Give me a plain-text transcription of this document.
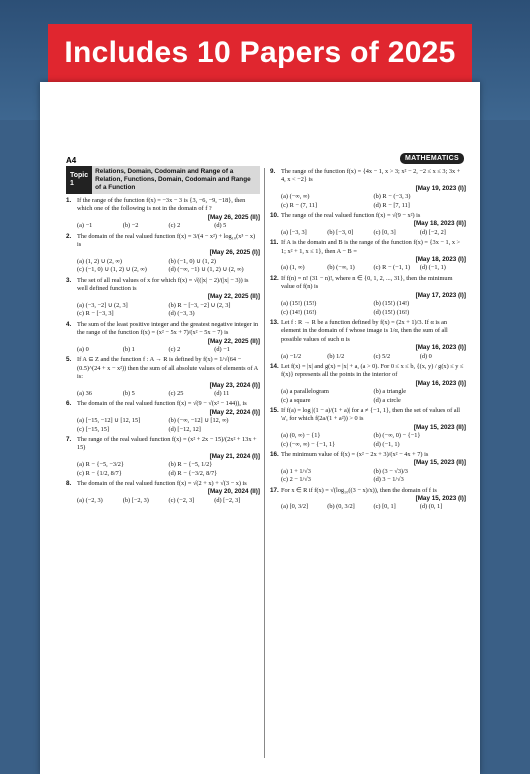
Includes 10 Papers of 2025
A4	MATHEMATICS
Topic 1
Relations, Domain, Codomain and Range of a Relation, Functions, Domain, Codomain and Range of a Function
1. If the range of the function f(x) = −3x − 3 is {3, −6, −9, −18}, then which one of the following is not in the domain of f ?
[May 26, 2025 (II)]
(a) −1	(b) −2	(c) 2	(d) 5
2. The domain of the real valued function f(x) = 3/(4 − x²) + log₁₀(x³ − x) is
[May 26, 2025 (I)]
(a) (1, 2) ∪ (2, ∞)	(b) (−1, 0) ∪ (1, 2)
(c) (−1, 0) ∪ (1, 2) ∪ (2, ∞)	(d) (−∞, −1) ∪ (1, 2) ∪ (2, ∞)
3. The set of all real values of x for which f(x) = √((|x| − 2)/(|x| − 3)) is well defined function is
[May 22, 2025 (II)]
(a) (−3, −2] ∪ (2, 3]	(b) R − [−3, −2] ∪ (2, 3]
(c) R − [−3, 3]	(d) (−3, 3)
4. The sum of the least positive integer and the greatest negative integer in the range of the function f(x) = (x² − 5x + 7)/(x² − 5x − 7) is
[May 22, 2025 (II)]
(a) 0	(b) 1	(c) 2	(d) −1
5. If A ⊆ Z and the function f : A → R is defined by f(x) = 1/√(64 − (0.5)^(24 + x − x²)) then the sum of all absolute values of elements of A is:
[May 23, 2024 (I)]
(a) 36	(b) 5	(c) 25	(d) 11
6. The domain of the real valued function f(x) = √(9 − √(x² − 144)), is
[May 22, 2024 (I)]
(a) [−15, −12] ∪ [12, 15]	(b) (−∞, −12] ∪ [12, ∞)
(c) [−15, 15]	(d) [−12, 12]
7. The range of the real valued function f(x) = (x² + 2x − 15)/(2x² + 13x + 15)
[May 21, 2024 (I)]
(a) R − {−5, −3/2}	(b) R − {−5, 1/2}
(c) R − {1/2, 8/7}	(d) R − {−3/2, 8/7}
8. The domain of the real valued function f(x) = √(2 + x) + √(3 − x) is
[May 20, 2024 (II)]
(a) (−2, 3)	(b) [−2, 3)	(c) (−2, 3]	(d) [−2, 3]
9. The range of the function f(x) = {4x − 1, x > 3; x² − 2, −2 ≤ x ≤ 3; 3x + 4, x < −2} is
[May 19, 2023 (I)]
(a) (−∞, ∞)	(b) R − (−3, 3)
(c) R − (7, 11]	(d) R − [7, 11]
10. The range of the real valued function f(x) = √(9 − x²) is
[May 18, 2023 (II)]
(a) [−3, 3]	(b) [−3, 0]	(c) [0, 3]	(d) [−2, 2]
11. If A is the domain and B is the range of the function f(x) = {3x − 1, x > 1; x² + 1, x ≤ 1}, then A − B =
[May 18, 2023 (I)]
(a) (1, ∞)	(b) (−∞, 1)	(c) R − (−1, 1)	(d) (−1, 1)
12. If f(n) = n! (31 − n)!, where n ∈ {0, 1, 2, ..., 31}, then the minimum value of f(n) is
[May 17, 2023 (I)]
(a) (15!) (15!)	(b) (15!) (14!)
(c) (14!) (16!)	(d) (15!) (16!)
13. Let f : R → R be a function defined by f(x) = (2x + 1)/3. If α is an element in the domain of f whose image is 1/α, then the sum of all possible values of such α is
[May 16, 2023 (I)]
(a) −1/2	(b) 1/2	(c) 5/2	(d) 0
14. Let f(x) = |x| and g(x) = |x| + a, (a > 0). For 0 ≤ x ≤ b, {(x, y) / g(x) ≤ y ≤ f(x)} represents all the points in the interior of
[May 16, 2023 (I)]
(a) a parallelogram	(b) a triangle
(c) a square	(d) a circle
15. If f(a) = log |(1 − a)/(1 + a)| for a ≠ {−1, 1}, then the set of values of all 'a', for which f(2a/(1 + a²)) > 0 is
[May 15, 2023 (II)]
(a) (0, ∞) − {1}	(b) (−∞, 0) − {−1}
(c) (−∞, ∞) − {−1, 1}	(d) (−1, 1)
16. The minimum value of f(x) = (x² − 2x + 3)/(x² − 4x + 7) is
[May 15, 2023 (II)]
(a) 1 + 1/√3	(b) (3 − √3)/3
(c) 2 − 1/√3	(d) 3 − 1/√3
17. For x ∈ R if f(x) = √(log₁₀((3 − x)/x)), then the domain of f is
[May 15, 2023 (I)]
(a) [0, 3/2]	(b) (0, 3/2]	(c) [0, 1]	(d) (0, 1]
